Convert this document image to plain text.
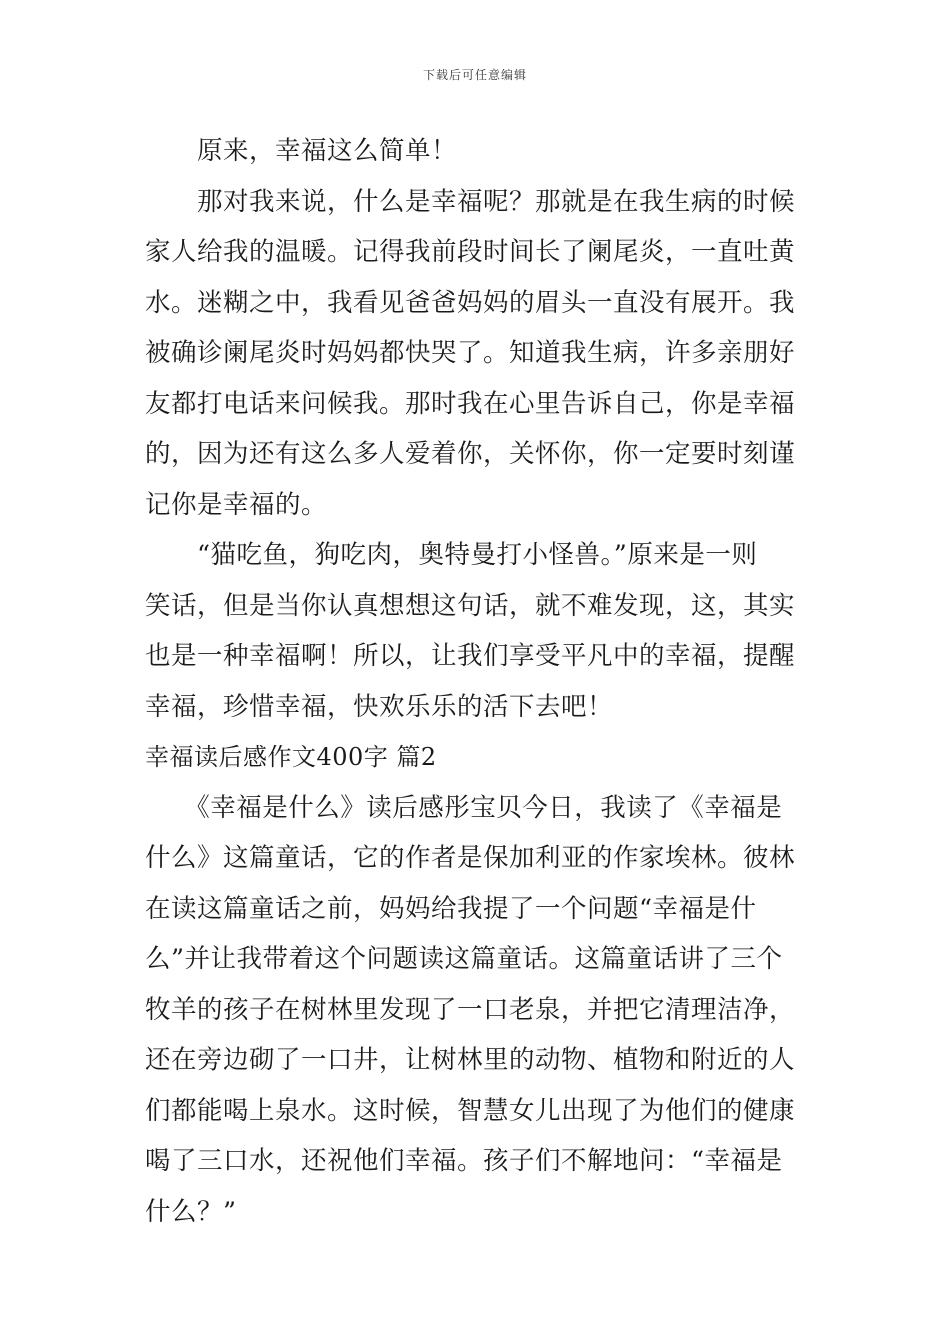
下载后可任意编辑
　　原来，幸福这么简单！
　　那对我来说，什么是幸福呢？那就是在我生病的时候
家人给我的温暖。记得我前段时间长了阑尾炎，一直吐黄
水。迷糊之中，我看见爸爸妈妈的眉头一直没有展开。我
被确诊阑尾炎时妈妈都快哭了。知道我生病，许多亲朋好
友都打电话来问候我。那时我在心里告诉自己，你是幸福
的，因为还有这么多人爱着你，关怀你，你一定要时刻谨
记你是幸福的。
　　“猫吃鱼，狗吃肉，奥特曼打小怪兽。”原来是一则
笑话，但是当你认真想想这句话，就不难发现，这，其实
也是一种幸福啊！所以，让我们享受平凡中的幸福，提醒
幸福，珍惜幸福，快欢乐乐的活下去吧！
幸福读后感作文400字 篇2
　　《幸福是什么》读后感彤宝贝今日，我读了《幸福是
什么》这篇童话，它的作者是保加利亚的作家埃林。彼林
在读这篇童话之前，妈妈给我提了一个问题“幸福是什
么”并让我带着这个问题读这篇童话。这篇童话讲了三个
牧羊的孩子在树林里发现了一口老泉，并把它清理洁净，
还在旁边砌了一口井，让树林里的动物、植物和附近的人
们都能喝上泉水。这时候，智慧女儿出现了为他们的健康
喝了三口水，还祝他们幸福。孩子们不解地问：“幸福是
什么？”
